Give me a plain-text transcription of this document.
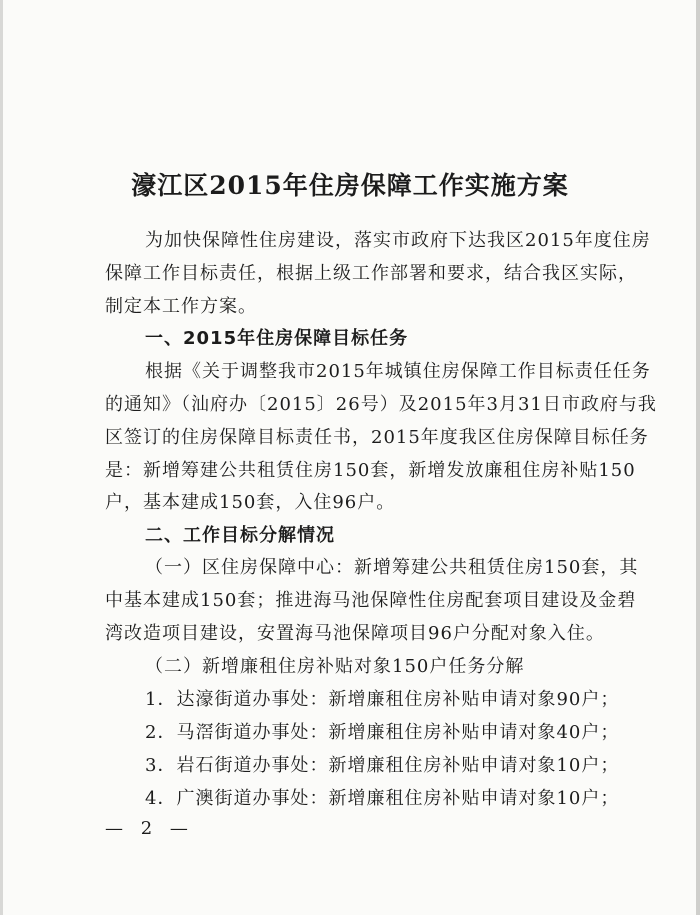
濠江区2015年住房保障工作实施方案
为加快保障性住房建设，落实市政府下达我区2015年度住房
保障工作目标责任，根据上级工作部署和要求，结合我区实际，
制定本工作方案。
一、2015年住房保障目标任务
根据《关于调整我市2015年城镇住房保障工作目标责任任务
的通知》（汕府办〔2015〕26号）及2015年3月31日市政府与我
区签订的住房保障目标责任书，2015年度我区住房保障目标任务
是：新增筹建公共租赁住房150套，新增发放廉租住房补贴150
户，基本建成150套，入住96户。
二、工作目标分解情况
（一）区住房保障中心：新增筹建公共租赁住房150套，其
中基本建成150套；推进海马池保障性住房配套项目建设及金碧
湾改造项目建设，安置海马池保障项目96户分配对象入住。
（二）新增廉租住房补贴对象150户任务分解
1．达濠街道办事处：新增廉租住房补贴申请对象90户；
2．马滘街道办事处：新增廉租住房补贴申请对象40户；
3．岩石街道办事处：新增廉租住房补贴申请对象10户；
4．广澳街道办事处：新增廉租住房补贴申请对象10户；
— 2 —
